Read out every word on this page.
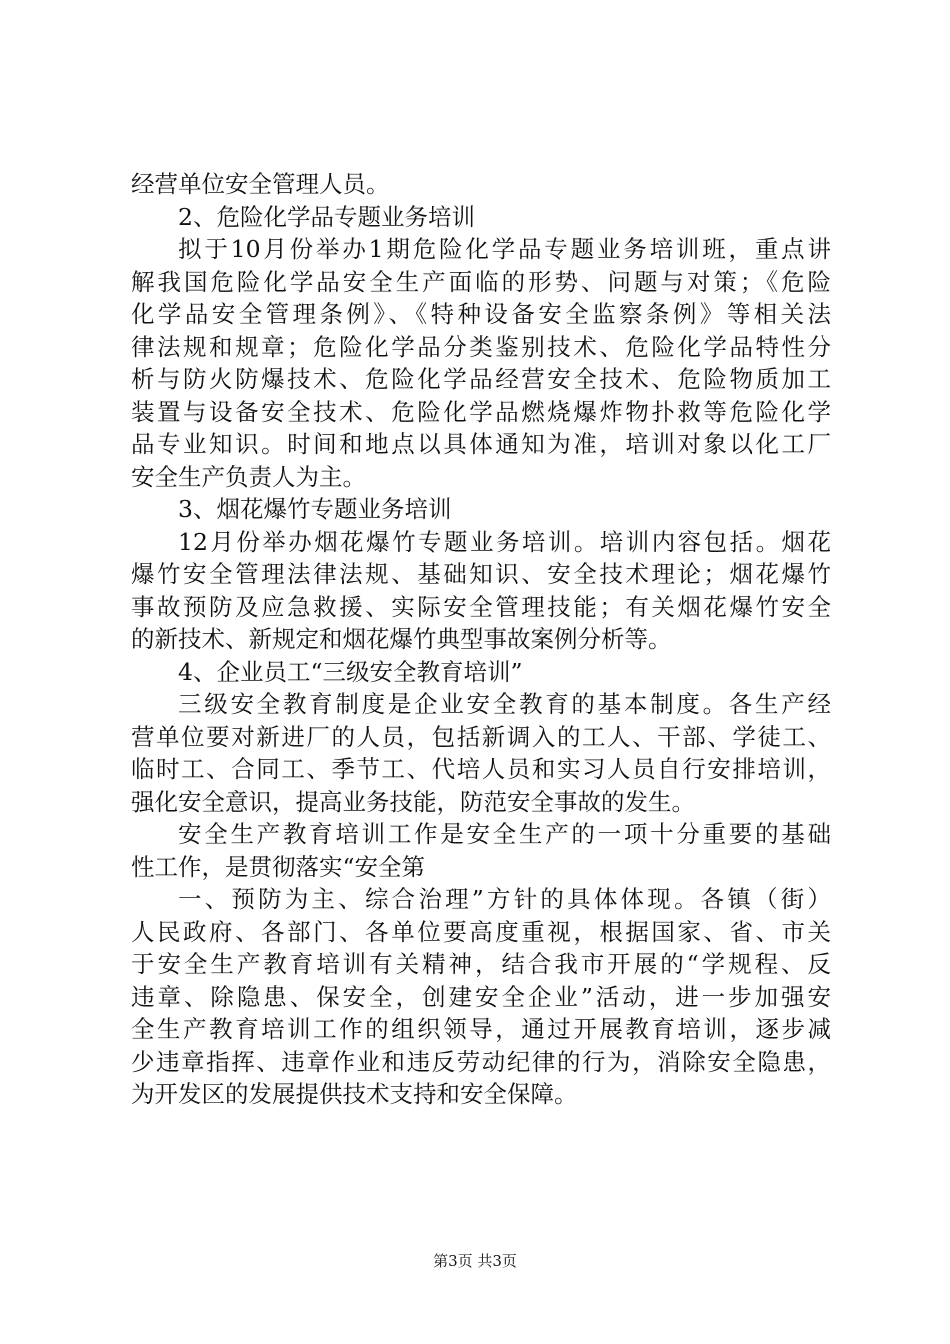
经营单位安全管理人员。
2、危险化学品专题业务培训
拟于10月份举办1期危险化学品专题业务培训班，重点讲
解我国危险化学品安全生产面临的形势、问题与对策；《危险
化学品安全管理条例》、《特种设备安全监察条例》等相关法
律法规和规章；危险化学品分类鉴别技术、危险化学品特性分
析与防火防爆技术、危险化学品经营安全技术、危险物质加工
装置与设备安全技术、危险化学品燃烧爆炸物扑救等危险化学
品专业知识。时间和地点以具体通知为准，培训对象以化工厂
安全生产负责人为主。
3、烟花爆竹专题业务培训
12月份举办烟花爆竹专题业务培训。培训内容包括。烟花
爆竹安全管理法律法规、基础知识、安全技术理论；烟花爆竹
事故预防及应急救援、实际安全管理技能；有关烟花爆竹安全
的新技术、新规定和烟花爆竹典型事故案例分析等。
4、企业员工“三级安全教育培训”
三级安全教育制度是企业安全教育的基本制度。各生产经
营单位要对新进厂的人员，包括新调入的工人、干部、学徒工、
临时工、合同工、季节工、代培人员和实习人员自行安排培训，
强化安全意识，提高业务技能，防范安全事故的发生。
安全生产教育培训工作是安全生产的一项十分重要的基础
性工作，是贯彻落实“安全第
一、预防为主、综合治理”方针的具体体现。各镇（街）
人民政府、各部门、各单位要高度重视，根据国家、省、市关
于安全生产教育培训有关精神，结合我市开展的“学规程、反
违章、除隐患、保安全，创建安全企业”活动，进一步加强安
全生产教育培训工作的组织领导，通过开展教育培训，逐步减
少违章指挥、违章作业和违反劳动纪律的行为，消除安全隐患，
为开发区的发展提供技术支持和安全保障。
第3页 共3页
